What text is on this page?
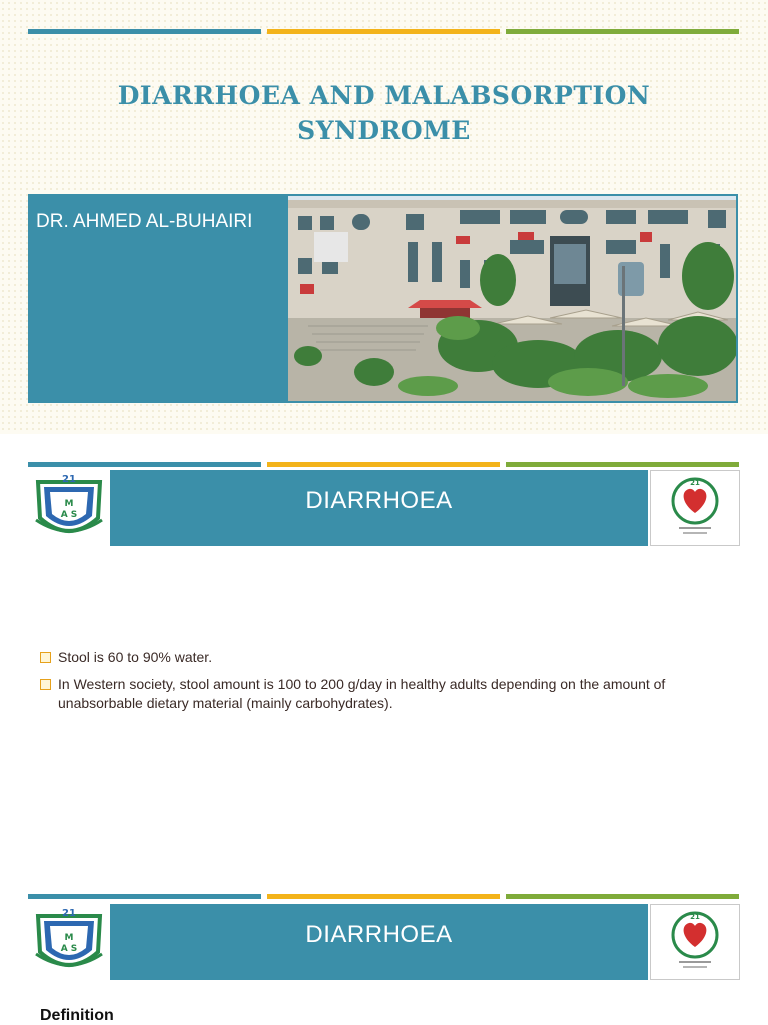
DIARRHOEA AND MALABSORPTION
SYNDROME
DR. AHMED AL-BUHAIRI
21
M
A S
DIARRHOEA
21
Stool is 60 to 90% water.
In Western society, stool amount is 100 to 200 g/day in healthy adults depending on the amount of unabsorbable dietary material (mainly carbohydrates).
21
M
A S
DIARRHOEA
21
Definition
